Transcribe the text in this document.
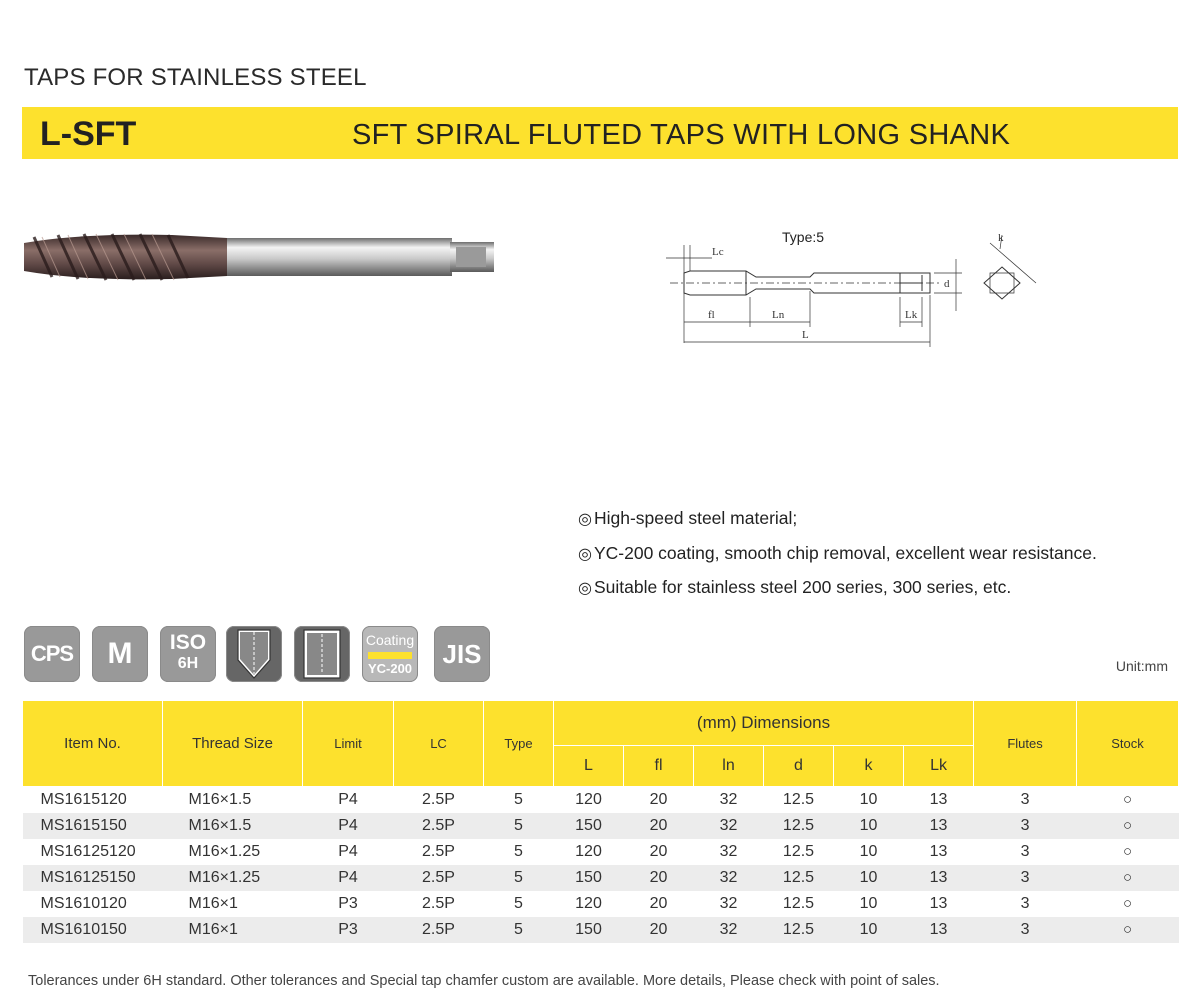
TAPS FOR STAINLESS STEEL
L-SFT	SFT SPIRAL FLUTED TAPS WITH LONG SHANK
Type:5
Lc
fl	Ln	Lk
L
d
k
◎ High-speed steel material;
◎ YC-200 coating, smooth chip removal, excellent wear resistance.
◎ Suitable for stainless steel 200 series, 300 series, etc.
CPS	M	ISO
6H
Coating
YC-200	JIS	Unit:mm
Item No.	Thread Size	Limit	LC	Type	(mm) Dimensions						Flutes	Stock
					L	fl	ln	d	k	Lk		
MS1615120	M16×1.5	P4	2.5P	5	120	20	32	12.5	10	13	3	○
MS1615150	M16×1.5	P4	2.5P	5	150	20	32	12.5	10	13	3	○
MS16125120	M16×1.25	P4	2.5P	5	120	20	32	12.5	10	13	3	○
MS16125150	M16×1.25	P4	2.5P	5	150	20	32	12.5	10	13	3	○
MS1610120	M16×1	P3	2.5P	5	120	20	32	12.5	10	13	3	○
MS1610150	M16×1	P3	2.5P	5	150	20	32	12.5	10	13	3	○
Tolerances under 6H standard. Other tolerances and Special tap chamfer custom are available. More details, Please check with point of sales.
